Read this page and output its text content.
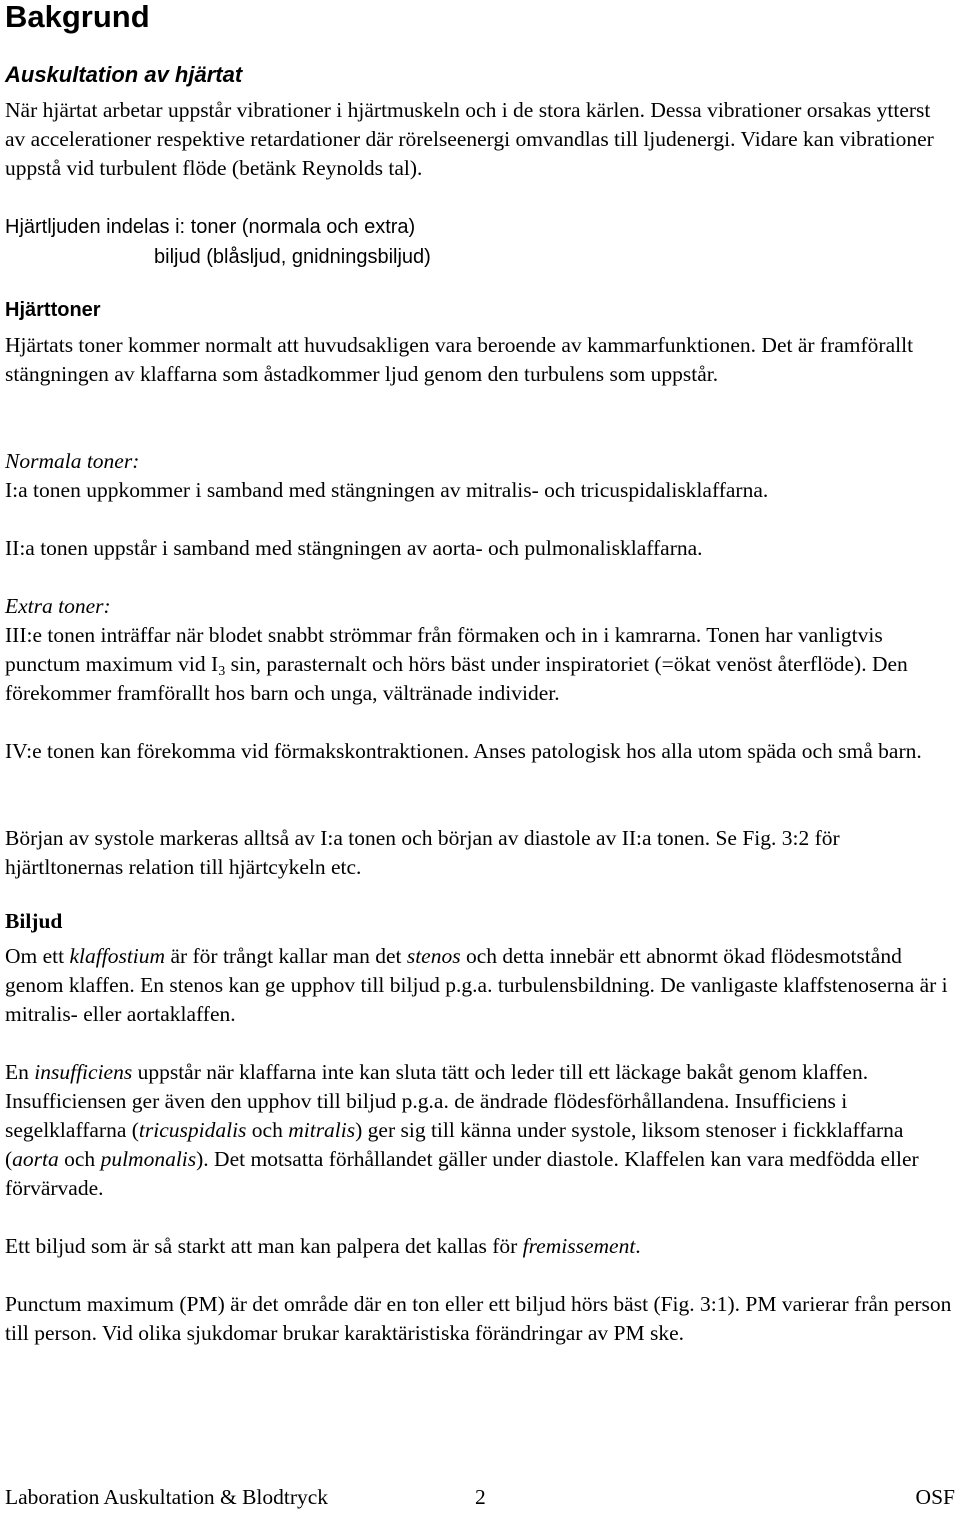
Bakgrund
Auskultation av hjärtat

När hjärtat arbetar uppstår vibrationer i hjärtmuskeln och i de stora kärlen. Dessa vibrationer orsakas ytterst av accelerationer respektive retardationer där rörelseenergi omvandlas till ljudenergi. Vidare kan vibrationer uppstå vid turbulent flöde (betänk Reynolds tal).

Hjärtljuden indelas i: toner (normala och extra)
biljud (blåsljud, gnidningsbiljud)
Hjärttoner

Hjärtats toner kommer normalt att huvudsakligen vara beroende av kammarfunktionen. Det är framförallt stängningen av klaffarna som åstadkommer ljud genom den turbulens som uppstår.

Normala toner:

I:a tonen uppkommer i samband med stängningen av mitralis- och tricuspidalisklaffarna.

II:a tonen uppstår i samband med stängningen av aorta- och pulmonalisklaffarna.

Extra toner:

III:e tonen inträffar när blodet snabbt strömmar från förmaken och in i kamrarna. Tonen har vanligtvis punctum maximum vid $I_3$ sin, parasternalt och hörs bäst under inspiratoriet (=ökat venöst återflöde). Den förekommer framförallt hos barn och unga, vältränade individer.

IV:e tonen kan förekomma vid förmakskontraktionen. Anses patologisk hos alla utom späda och små barn.

Början av systole markeras alltså av I:a tonen och början av diastole av II:a tonen. Se Fig. 3:2 för hjärtltonernas relation till hjärtcykeln etc.

Biljud

Om ett klaffostium är för trångt kallar man det stenos och detta innebär ett abnormt ökad flödesmotstånd genom klaffen. En stenos kan ge upphov till biljud p.g.a. turbulensbildning. De vanligaste klaffstenoserna är i mitralis- eller aortaklaffen.

En insufficiens uppstår när klaffarna inte kan sluta tätt och leder till ett läckage bakåt genom klaffen. Insufficiensen ger även den upphov till biljud p.g.a. de ändrade flödesförhållandena. Insufficiens i segelklaffarna (tricuspidalis och mitralis) ger sig till känna under systole, liksom stenoser i fickklaffarna (aorta och pulmonalis). Det motsatta förhållandet gäller under diastole. Klaffelen kan vara medfödda eller förvärvade.

Ett biljud som är så starkt att man kan palpera det kallas för fremissement.

Punctum maximum (PM) är det område där en ton eller ett biljud hörs bäst (Fig. 3:1). PM varierar från person till person. Vid olika sjukdomar brukar karaktäristiska förändringar av PM ske.

Laboration Auskultation & Blodtryck	2	OSF
